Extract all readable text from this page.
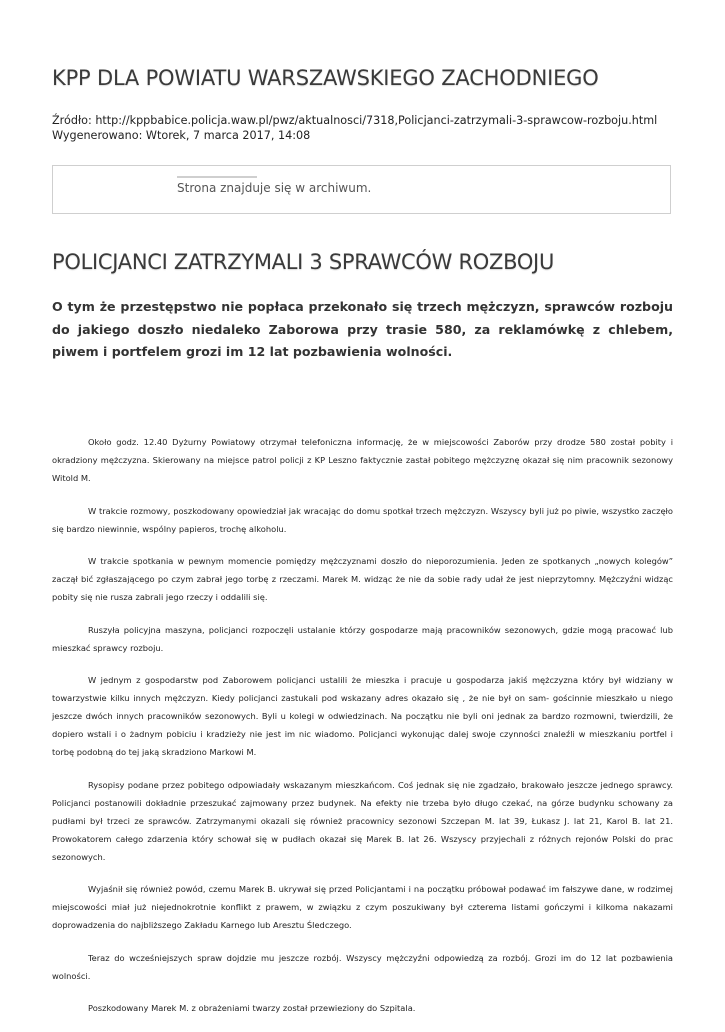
KPP DLA POWIATU WARSZAWSKIEGO ZACHODNIEGO
Źródło: http://kppbabice.policja.waw.pl/pwz/aktualnosci/7318,Policjanci-zatrzymali-3-sprawcow-rozboju.html
Wygenerowano: Wtorek, 7 marca 2017, 14:08
Strona znajduje się w archiwum.
POLICJANCI ZATRZYMALI 3 SPRAWCÓW ROZBOJU

O tym że przestępstwo nie popłaca przekonało się trzech mężczyzn, sprawców rozboju do jakiego doszło niedaleko Zaborowa przy trasie 580, za reklamówkę z chlebem, piwem i portfelem grozi im 12 lat pozbawienia wolności.

Około godz. 12.40 Dyżurny Powiatowy otrzymał telefoniczna informację, że w miejscowości Zaborów przy drodze 580 został pobity i okradziony mężczyzna. Skierowany na miejsce patrol policji z KP Leszno faktycznie zastał pobitego mężczyznę okazał się nim pracownik sezonowy Witold M.

W trakcie rozmowy, poszkodowany opowiedział jak wracając do domu spotkał trzech mężczyzn. Wszyscy byli już po piwie, wszystko zaczęło się bardzo niewinnie, wspólny papieros, trochę alkoholu.

W trakcie spotkania w pewnym momencie pomiędzy mężczyznami doszło do nieporozumienia. Jeden ze spotkanych „nowych kolegów” zaczął bić zgłaszającego po czym zabrał jego torbę z rzeczami. Marek M. widząc że nie da sobie rady udał że jest nieprzytomny. Mężczyźni widząc pobity się nie rusza zabrali jego rzeczy i oddalili się.

Ruszyła policyjna maszyna, policjanci rozpoczęli ustalanie którzy gospodarze mają pracowników sezonowych, gdzie mogą pracować lub mieszkać sprawcy rozboju.

W jednym z gospodarstw pod Zaborowem policjanci ustalili że mieszka i pracuje u gospodarza jakiś mężczyzna który był widziany w towarzystwie kilku innych mężczyzn. Kiedy policjanci zastukali pod wskazany adres okazało się , że nie był on sam- gościnnie mieszkało u niego jeszcze dwóch innych pracowników sezonowych. Byli u kolegi w odwiedzinach. Na początku nie byli oni jednak za bardzo rozmowni, twierdzili, że dopiero wstali i o żadnym pobiciu i kradzieży nie jest im nic wiadomo. Policjanci wykonując dalej swoje czynności znaleźli w mieszkaniu portfel i torbę podobną do tej jaką skradziono Markowi M.

Rysopisy podane przez pobitego odpowiadały wskazanym mieszkańcom. Coś jednak się nie zgadzało, brakowało jeszcze jednego sprawcy. Policjanci postanowili dokładnie przeszukać zajmowany przez budynek. Na efekty nie trzeba było długo czekać, na górze budynku schowany za pudłami był trzeci ze sprawców. Zatrzymanymi okazali się również pracownicy sezonowi Szczepan M. lat 39, Łukasz J. lat 21, Karol B. lat 21. Prowokatorem całego zdarzenia który schował się w pudłach okazał się Marek B. lat 26. Wszyscy przyjechali z różnych rejonów Polski do prac sezonowych.

Wyjaśnił się również powód, czemu Marek B. ukrywał się przed Policjantami i na początku próbował podawać im fałszywe dane, w rodzimej miejscowości miał już niejednokrotnie konflikt z prawem, w związku z czym poszukiwany był czterema listami gończymi i kilkoma nakazami doprowadzenia do najbliższego Zakładu Karnego lub Aresztu Śledczego.

Teraz do wcześniejszych spraw dojdzie mu jeszcze rozbój. Wszyscy mężczyźni odpowiedzą za rozbój. Grozi im do 12 lat pozbawienia wolności.

Poszkodowany Marek M. z obrażeniami twarzy został przewieziony do Szpitala.
